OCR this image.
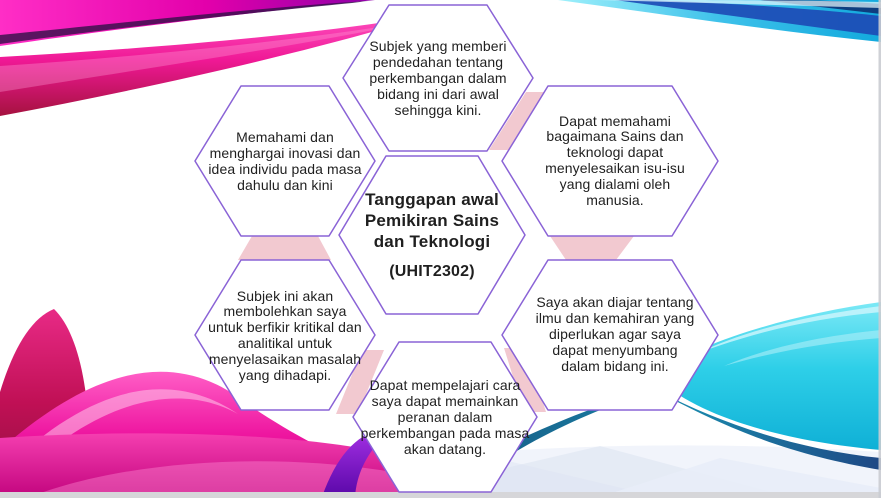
Subjek yang memberi pendedahan tentang perkembangan dalam bidang ini dari awal sehingga kini.
Memahami dan menghargai inovasi dan idea individu pada masa dahulu dan kini
Dapat memahami bagaimana Sains dan teknologi dapat menyelesaikan isu-isu yang dialami oleh manusia.
Subjek ini akan membolehkan saya untuk berfikir kritikal dan analitikal untuk menyelasaikan masalah yang dihadapi.
Saya akan diajar tentang ilmu dan kemahiran yang diperlukan agar saya dapat menyumbang dalam bidang ini.
Dapat mempelajari cara saya dapat memainkan peranan dalam perkembangan pada masa akan datang.
Tanggapan awal Pemikiran Sains dan Teknologi
(UHIT2302)
